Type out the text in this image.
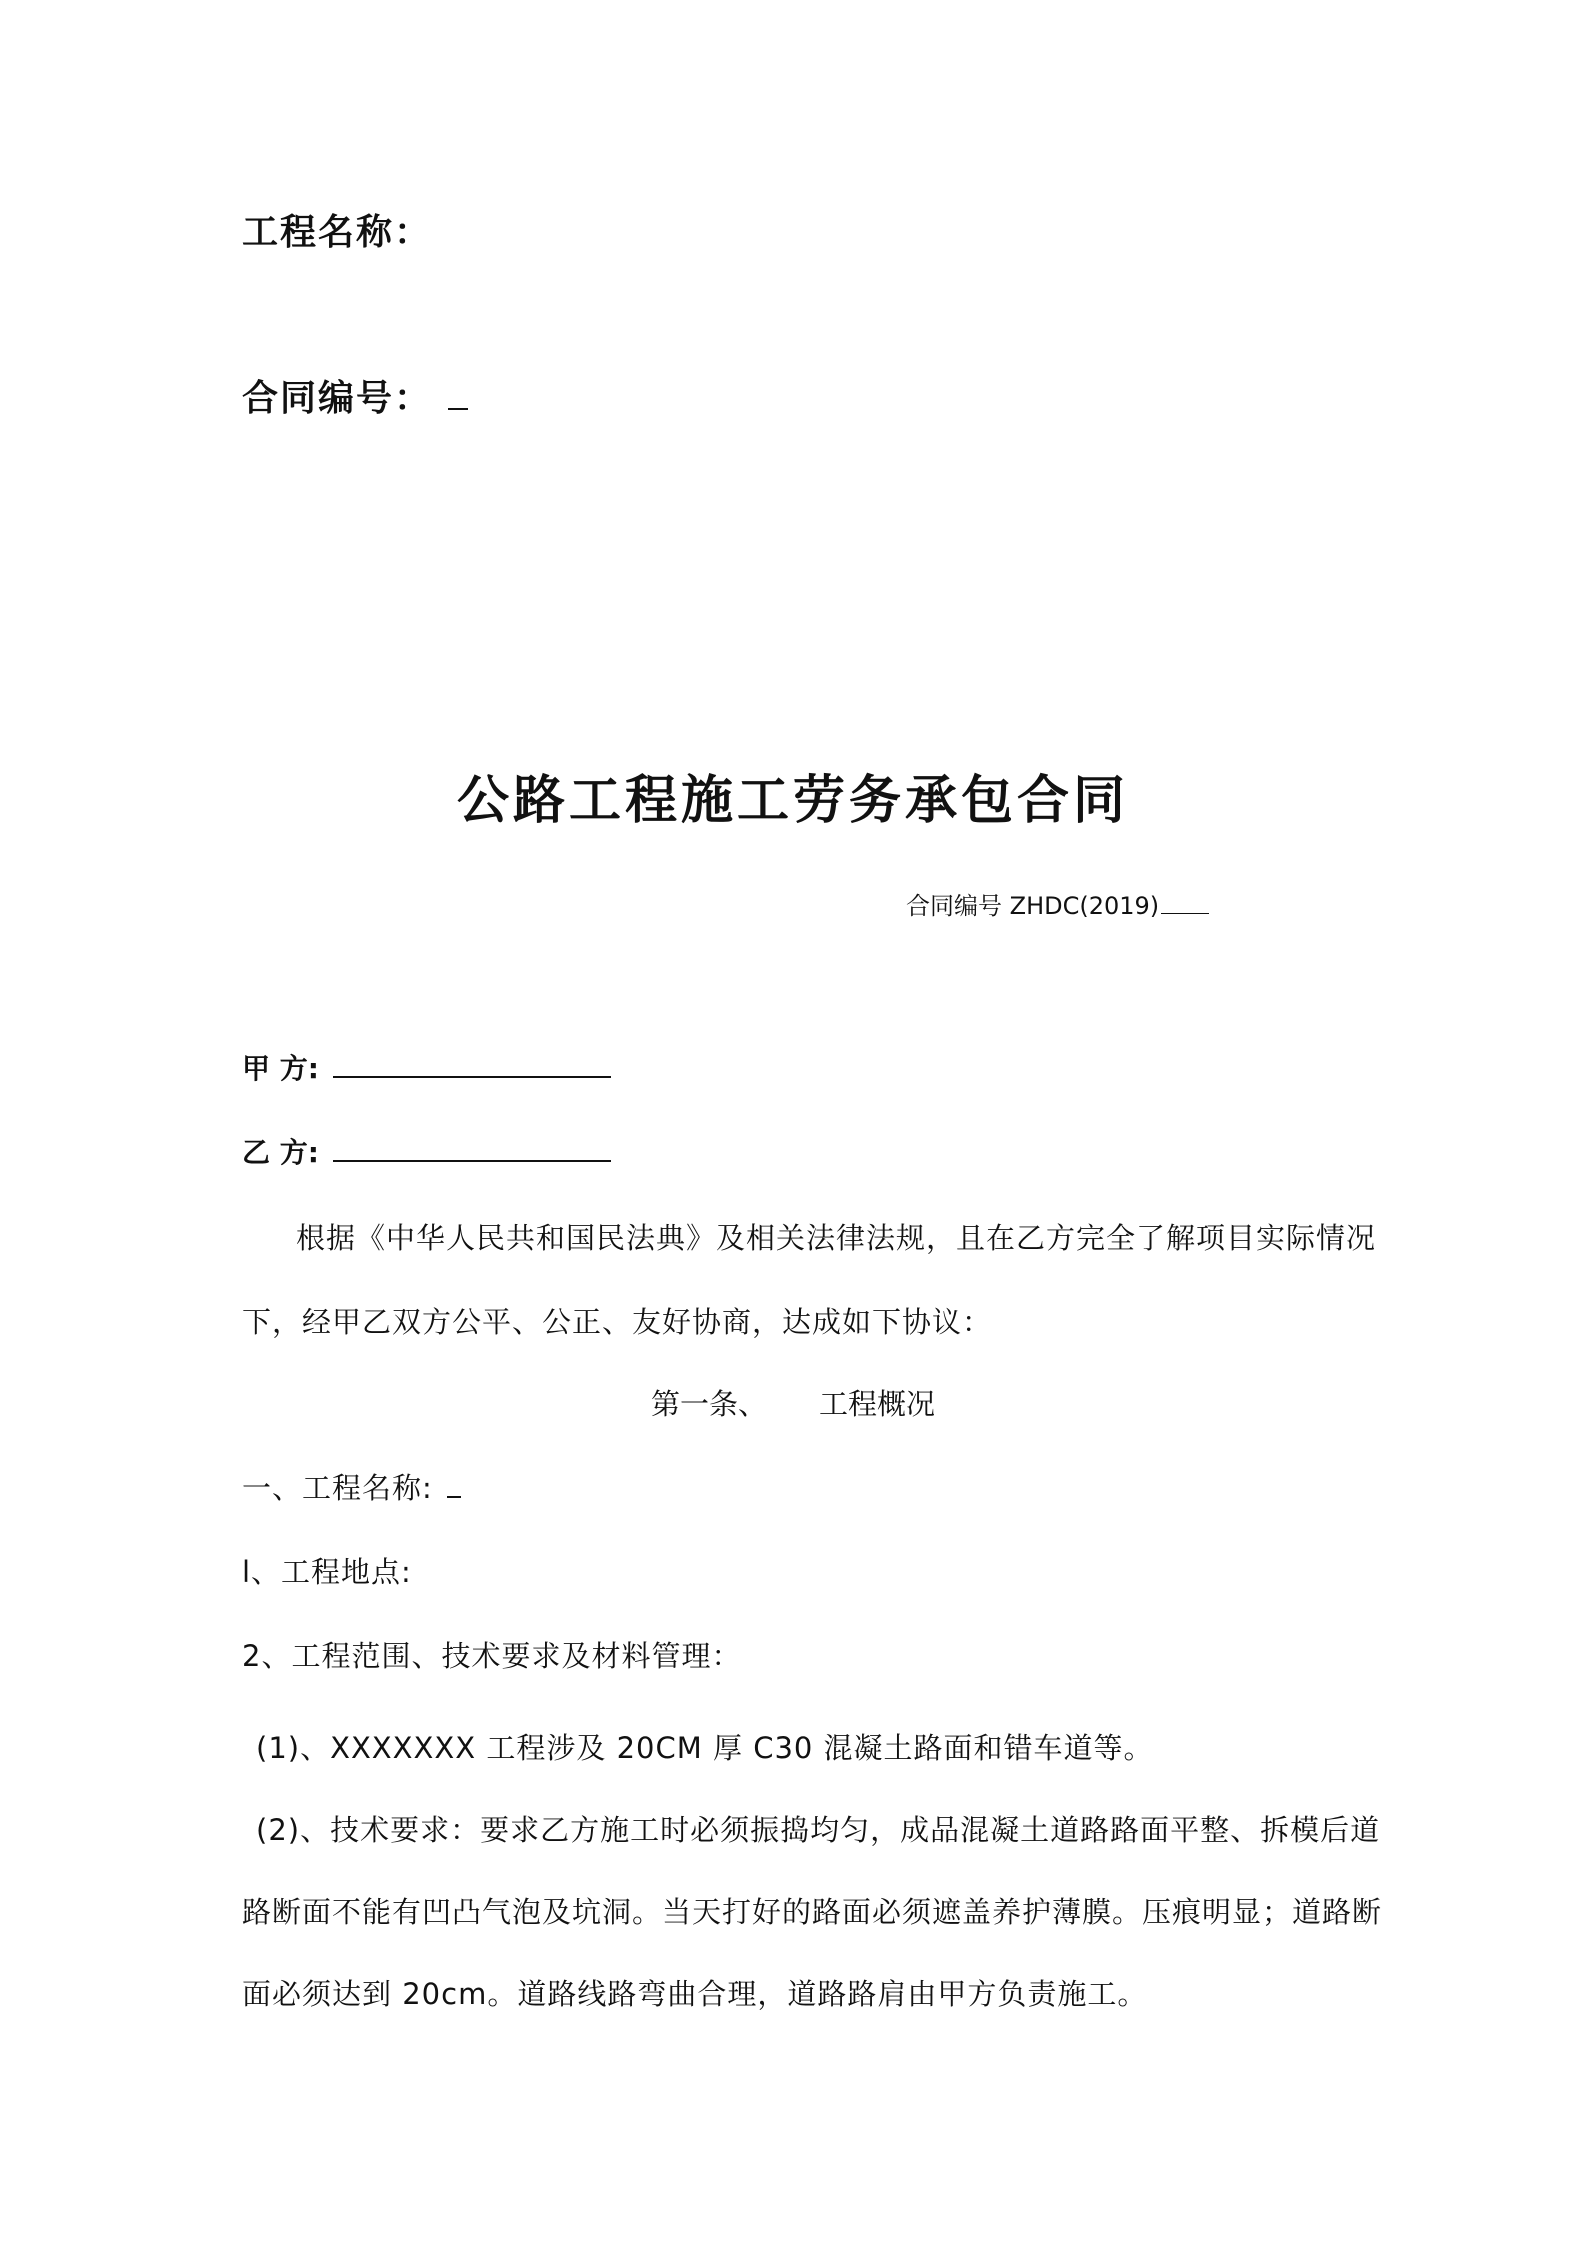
工程名称：
合同编号：
公路工程施工劳务承包合同
合同编号 ZHDC(2019)
甲 方:
乙 方:
根据《中华人民共和国民法典》及相关法律法规，且在乙方完全了解项目实际情况
下，经甲乙双方公平、公正、友好协商，达成如下协议：
第一条、 工程概况
一、工程名称:
l、工程地点:
2、工程范围、技术要求及材料管理：
(1)、XXXXXXX 工程涉及 20CM 厚 C30 混凝土路面和错车道等。
(2)、技术要求：要求乙方施工时必须振捣均匀，成品混凝土道路路面平整、拆模后道
路断面不能有凹凸气泡及坑洞。当天打好的路面必须遮盖养护薄膜。压痕明显；道路断
面必须达到 20cm。道路线路弯曲合理，道路路肩由甲方负责施工。
